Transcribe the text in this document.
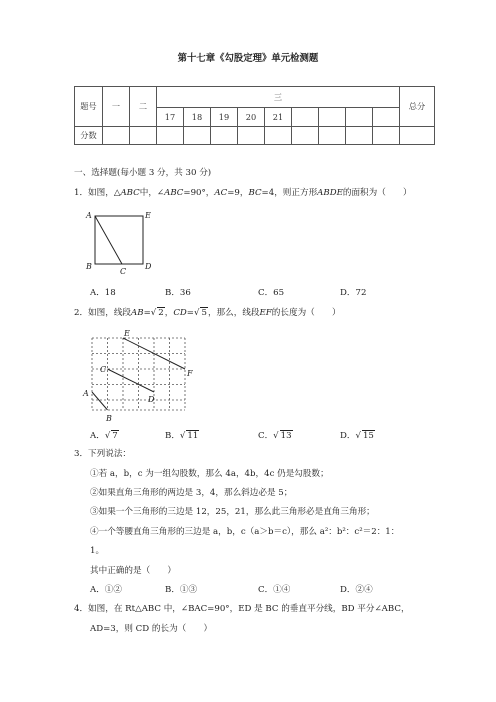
第十七章《勾股定理》单元检测题
题号	一	二	三									总分
			17	18	19	20	21					
分数												
一、选择题(每小题 3 分，共 30 分)
1．如图，△ABC中，∠ABC=90°，AC=9，BC=4，则正方形ABDE的面积为（　　）
A	E
B
C
D
A．18	B．36	C．65	D．72
2．如图，线段AB=√ 2，CD=√ 5，那么，线段EF的长度为（　　）
E
F
C
D
A
B
A．√ 7	B．√ 11	C．√ 13	D．√ 15
3．下列说法：
①若 a，b，c 为一组勾股数，那么 4a，4b，4c 仍是勾股数；
②如果直角三角形的两边是 3，4，那么斜边必是 5；
③如果一个三角形的三边是 12，25，21，那么此三角形必是直角三角形；
④一个等腰直角三角形的三边是 a，b，c（a＞b＝c），那么 a²：b²：c²＝2：1：
1。
其中正确的是（　　）
A．①②	B．①③	C．①④	D．②④
4．如图，在 Rt△ABC 中，∠BAC=90°，ED 是 BC 的垂直平分线，BD 平分∠ABC，
AD=3，则 CD 的长为（　　）
